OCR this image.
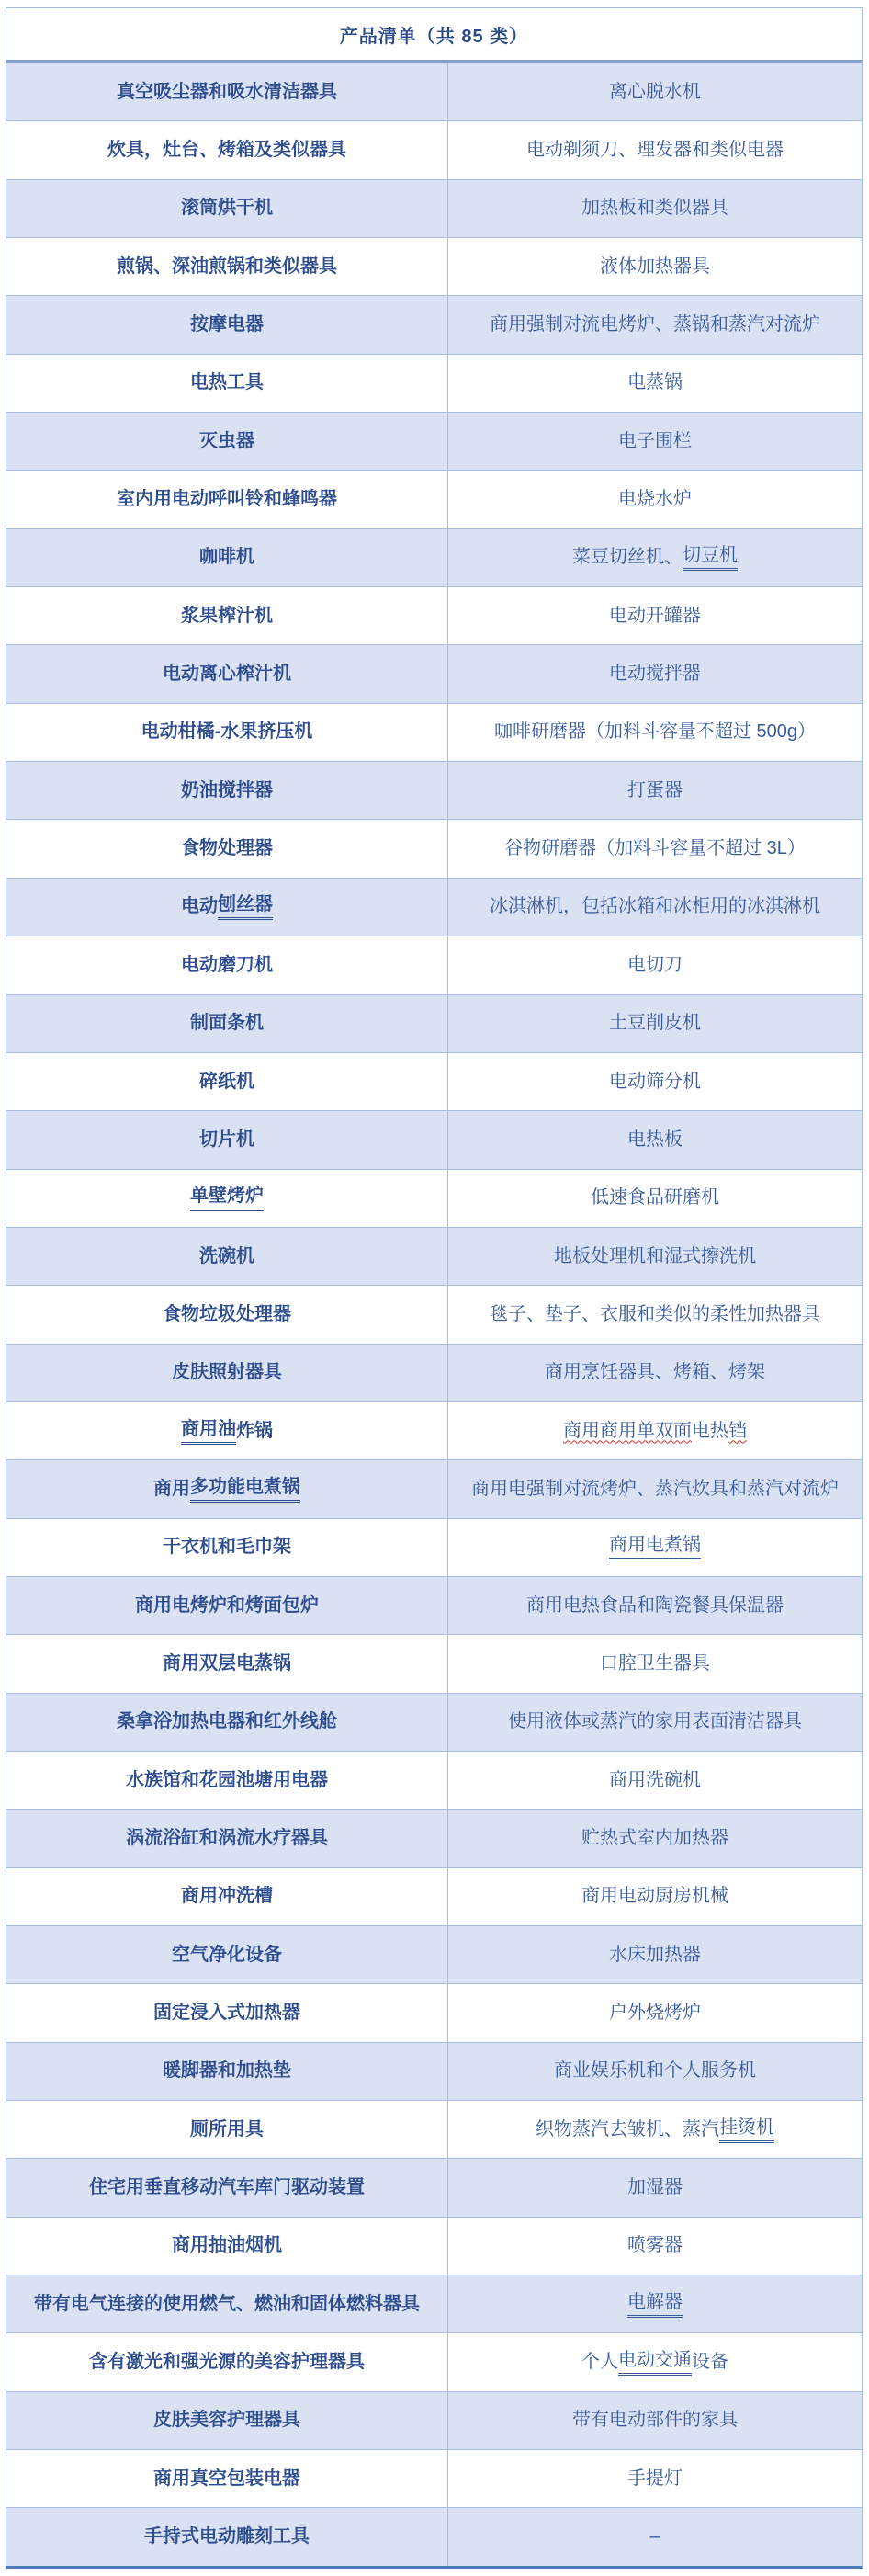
产品清单（共 85 类）
真空吸尘器和吸水清洁器具	离心脱水机
炊具，灶台、烤箱及类似器具	电动剃须刀、理发器和类似电器
滚筒烘干机	加热板和类似器具
煎锅、深油煎锅和类似器具	液体加热器具
按摩电器	商用强制对流电烤炉、蒸锅和蒸汽对流炉
电热工具	电蒸锅
灭虫器	电子围栏
室内用电动呼叫铃和蜂鸣器	电烧水炉
咖啡机	菜豆切丝机、 切豆机
浆果榨汁机	电动开罐器
电动离心榨汁机	电动搅拌器
电动柑橘-水果挤压机	咖啡研磨器（加料斗容量不超过 500g）
奶油搅拌器	打蛋器
食物处理器	谷物研磨器（加料斗容量不超过 3L）
电动 刨丝器	冰淇淋机，包括冰箱和冰柜用的冰淇淋机
电动磨刀机	电切刀
制面条机	土豆削皮机
碎纸机	电动筛分机
切片机	电热板
单壁烤炉	低速食品研磨机
洗碗机	地板处理机和湿式擦洗机
食物垃圾处理器	毯子、垫子、衣服和类似的柔性加热器具
皮肤照射器具	商用烹饪器具、烤箱、烤架
商用油 炸锅	商用商用单双面 电热 铛
商用 多功能电煮锅	商用电强制对流烤炉、蒸汽炊具和蒸汽对流炉
干衣机和毛巾架	商用电煮锅
商用电烤炉和烤面包炉	商用电热食品和陶瓷餐具保温器
商用双层电蒸锅	口腔卫生器具
桑拿浴加热电器和红外线舱	使用液体或蒸汽的家用表面清洁器具
水族馆和花园池塘用电器	商用洗碗机
涡流浴缸和涡流水疗器具	贮热式室内加热器
商用冲洗槽	商用电动厨房机械
空气净化设备	水床加热器
固定浸入式加热器	户外烧烤炉
暖脚器和加热垫	商业娱乐机和个人服务机
厕所用具	织物蒸汽去皱机、蒸汽 挂烫机
住宅用垂直移动汽车库门驱动装置	加湿器
商用抽油烟机	喷雾器
带有电气连接的使用燃气、燃油和固体燃料器具	电解器
含有激光和强光源的美容护理器具	个人 电动交通 设备
皮肤美容护理器具	带有电动部件的家具
商用真空包装电器	手提灯
手持式电动雕刻工具	–
